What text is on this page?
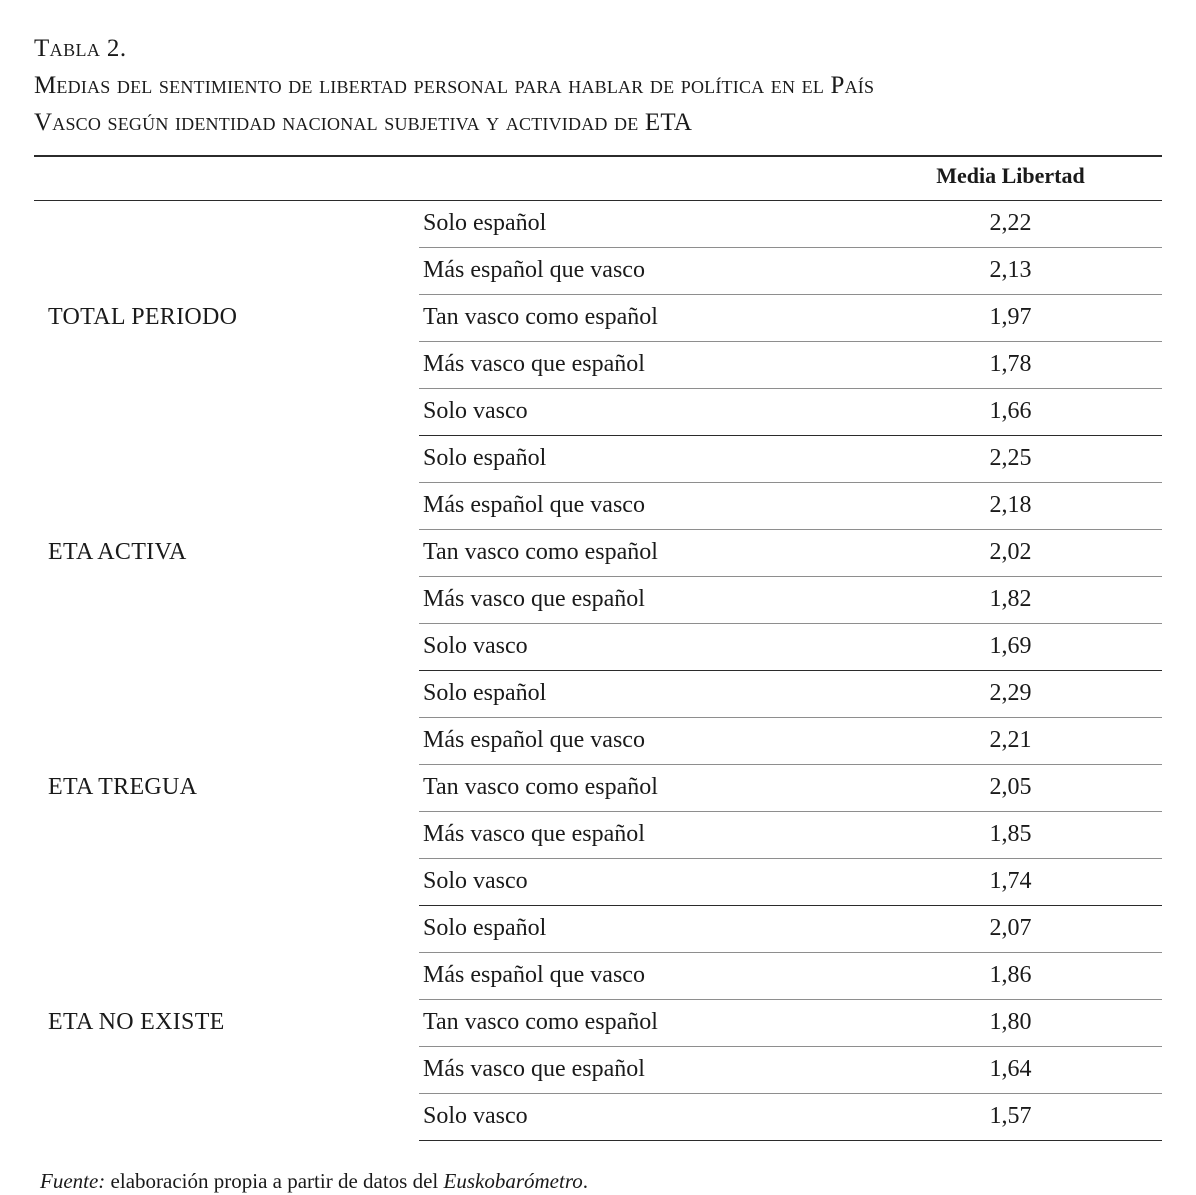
Tabla 2.
Medias del sentimiento de libertad personal para hablar de política en el País
Vasco según identidad nacional subjetiva y actividad de ETA
		Media Libertad
TOTAL PERIODO	Solo español	2,22
	Más español que vasco	2,13
	Tan vasco como español	1,97
	Más vasco que español	1,78
	Solo vasco	1,66
ETA ACTIVA	Solo español	2,25
	Más español que vasco	2,18
	Tan vasco como español	2,02
	Más vasco que español	1,82
	Solo vasco	1,69
ETA TREGUA	Solo español	2,29
	Más español que vasco	2,21
	Tan vasco como español	2,05
	Más vasco que español	1,85
	Solo vasco	1,74
ETA NO EXISTE	Solo español	2,07
	Más español que vasco	1,86
	Tan vasco como español	1,80
	Más vasco que español	1,64
	Solo vasco	1,57
Fuente: elaboración propia a partir de datos del Euskobarómetro.
